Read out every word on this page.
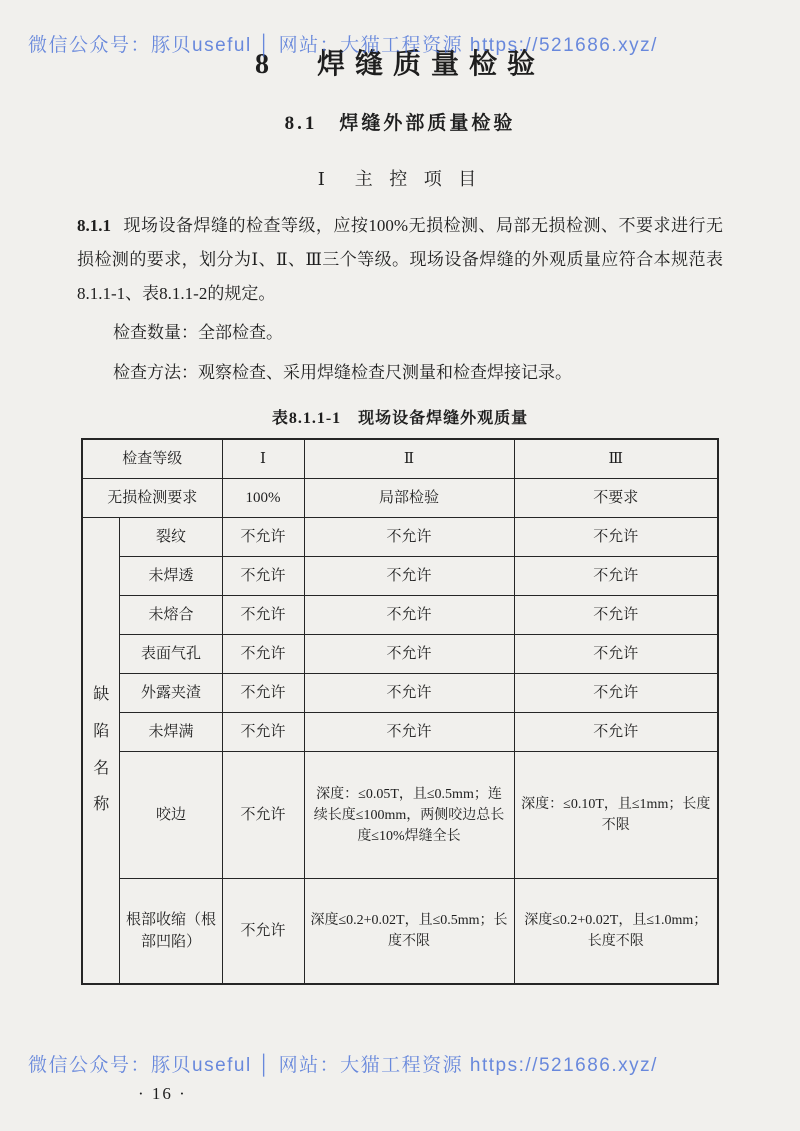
微信公众号：豚贝useful │ 网站：大猫工程资源 https://521686.xyz/
8　焊缝质量检验
8.1　焊缝外部质量检验
Ⅰ　主 控 项 目

8.1.1 现场设备焊缝的检查等级，应按100%无损检测、局部无损检测、不要求进行无损检测的要求，划分为Ⅰ、Ⅱ、Ⅲ三个等级。现场设备焊缝的外观质量应符合本规范表8.1.1-1、表8.1.1-2的规定。

检查数量：全部检查。

检查方法：观察检查、采用焊缝检查尺测量和检查焊接记录。

表8.1.1-1　现场设备焊缝外观质量
检查等级		Ⅰ	Ⅱ	Ⅲ
无损检测要求		100%	局部检验	不要求

缺陷名称	裂纹	不允许	不允许	不允许
	未焊透	不允许	不允许	不允许
	未熔合	不允许	不允许	不允许
	表面气孔	不允许	不允许	不允许
	外露夹渣	不允许	不允许	不允许
	未焊满	不允许	不允许	不允许
	咬边	不允许	深度：≤0.05T，且≤0.5mm；连续长度≤100mm，两侧咬边总长度≤10%焊缝全长	深度：≤0.10T，且≤1mm；长度不限
	根部收缩（根部凹陷）	不允许	深度≤0.2+0.02T，且≤0.5mm；长度不限	深度≤0.2+0.02T，且≤1.0mm；长度不限
微信公众号：豚贝useful │ 网站：大猫工程资源 https://521686.xyz/
· 16 ·
